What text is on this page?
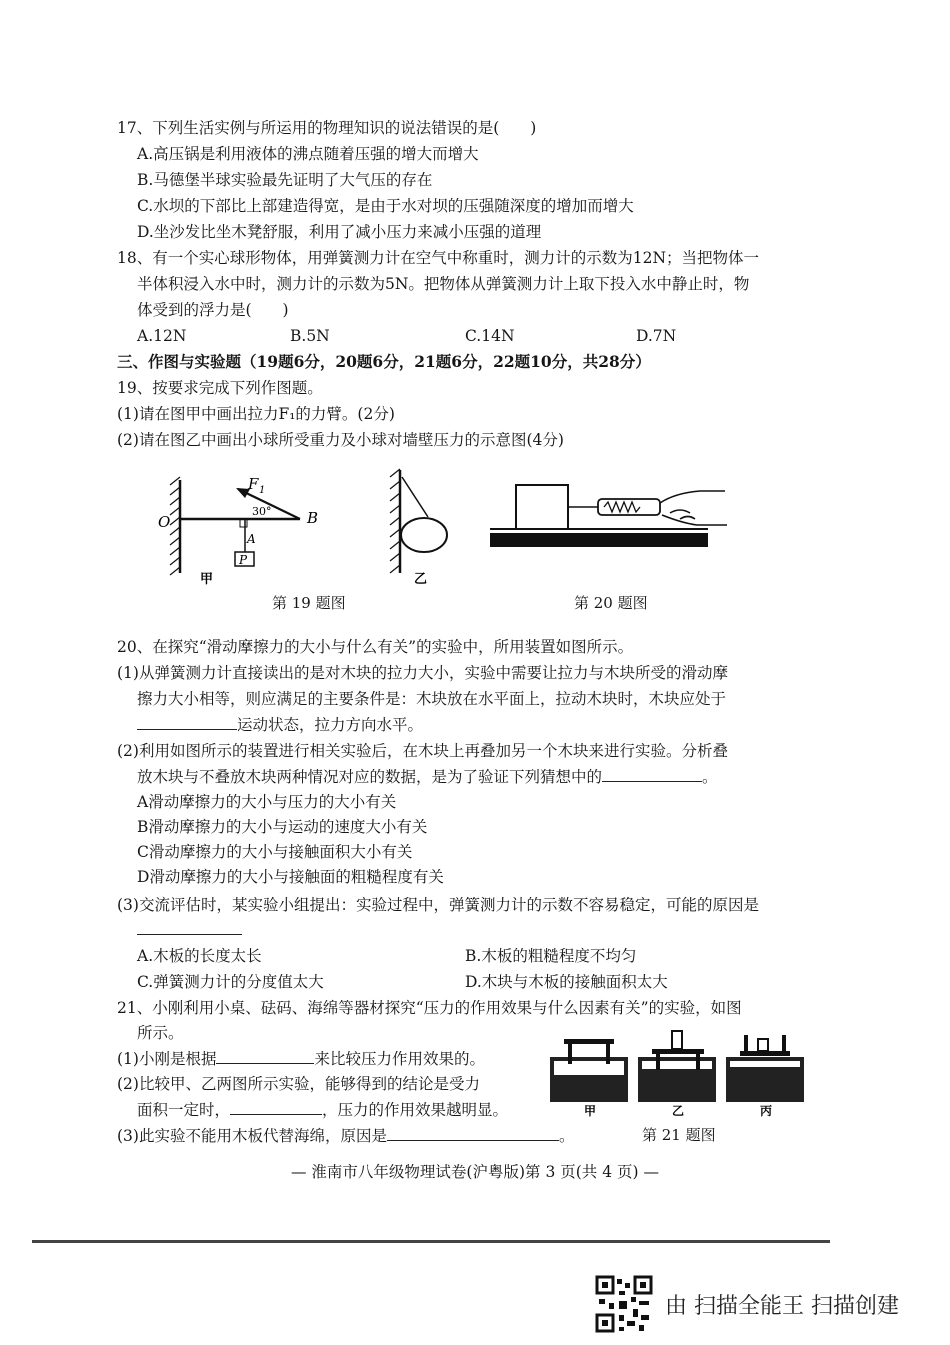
17、下列生活实例与所运用的物理知识的说法错误的是(　　)
A.高压锅是利用液体的沸点随着压强的增大而增大
B.马德堡半球实验最先证明了大气压的存在
C.水坝的下部比上部建造得宽，是由于水对坝的压强随深度的增加而增大
D.坐沙发比坐木凳舒服，利用了减小压力来减小压强的道理
18、有一个实心球形物体，用弹簧测力计在空气中称重时，测力计的示数为12N；当把物体一
半体积浸入水中时，测力计的示数为5N。把物体从弹簧测力计上取下投入水中静止时，物
体受到的浮力是(　　)
A.12N	B.5N	C.14N	D.7N
三、作图与实验题（19题6分，20题6分，21题6分，22题10分，共28分）
19、按要求完成下列作图题。
(1)请在图甲中画出拉力F₁的力臂。(2分)
(2)请在图乙中画出小球所受重力及小球对墙壁压力的示意图(4分)
F 1
30°
O	B
A
P
甲	乙
第 19 题图	第 20 题图
20、在探究“滑动摩擦力的大小与什么有关”的实验中，所用装置如图所示。
(1)从弹簧测力计直接读出的是对木块的拉力大小，实验中需要让拉力与木块所受的滑动摩
擦力大小相等，则应满足的主要条件是：木块放在水平面上，拉动木块时，木块应处于
运动状态，拉力方向水平。
(2)利用如图所示的装置进行相关实验后，在木块上再叠加另一个木块来进行实验。分析叠
放木块与不叠放木块两种情况对应的数据，是为了验证下列猜想中的	。
A滑动摩擦力的大小与压力的大小有关
B滑动摩擦力的大小与运动的速度大小有关
C滑动摩擦力的大小与接触面积大小有关
D滑动摩擦力的大小与接触面的粗糙程度有关
(3)交流评估时，某实验小组提出：实验过程中，弹簧测力计的示数不容易稳定，可能的原因是
A.木板的长度太长	B.木板的粗糙程度不均匀
C.弹簧测力计的分度值太大	D.木块与木板的接触面积太大
21、小刚利用小桌、砝码、海绵等器材探究“压力的作用效果与什么因素有关”的实验，如图
所示。
(1)小刚是根据	来比较压力作用效果的。
(2)比较甲、乙两图所示实验，能够得到的结论是受力
面积一定时，	，压力的作用效果越明显。
(3)此实验不能用木板代替海绵，原因是	。
甲	乙	丙
第 21 题图
— 淮南市八年级物理试卷(沪粤版)第 3 页(共 4 页) —
由 扫描全能王 扫描创建
